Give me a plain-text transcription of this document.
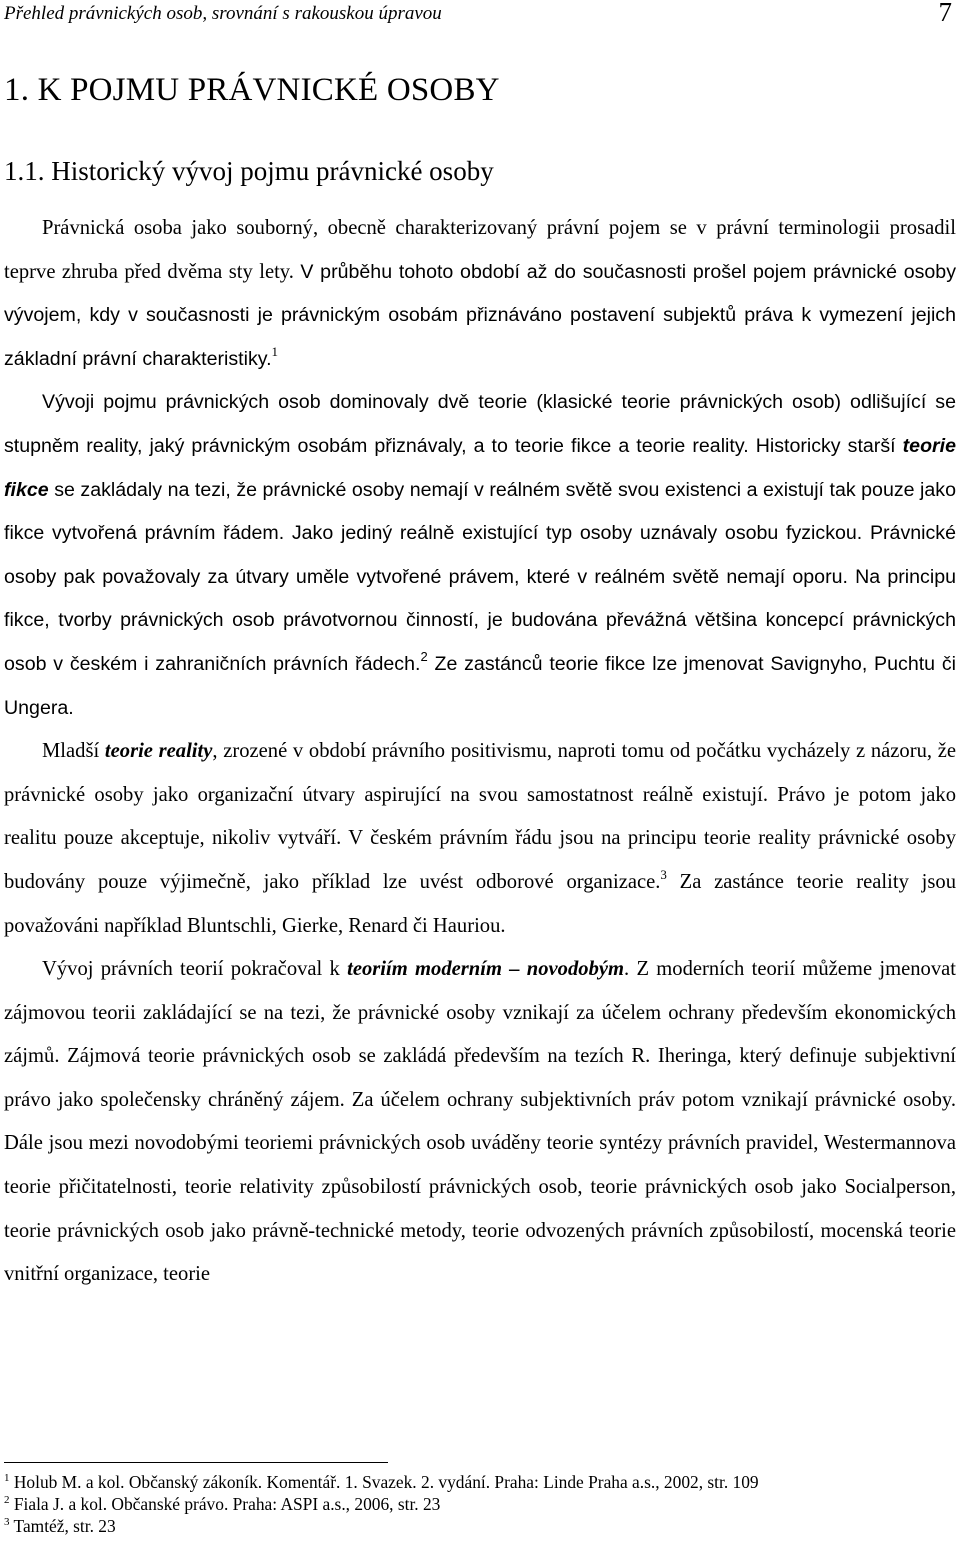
Přehled právnických osob, srovnání s rakouskou úpravou	7
1. K POJMU PRÁVNICKÉ OSOBY
1.1. Historický vývoj pojmu právnické osoby

Právnická osoba jako souborný, obecně charakterizovaný právní pojem se v právní terminologii prosadil teprve zhruba před dvěma sty lety. V průběhu tohoto období až do současnosti prošel pojem právnické osoby vývojem, kdy v současnosti je právnickým osobám přiznáváno postavení subjektů práva k vymezení jejich základní právní charakteristiky.$^1$

Vývoji pojmu právnických osob dominovaly dvě teorie (klasické teorie právnických osob) odlišující se stupněm reality, jaký právnickým osobám přiznávaly, a to teorie fikce a teorie reality. Historicky starší teorie fikce se zakládaly na tezi, že právnické osoby nemají v reálném světě svou existenci a existují tak pouze jako fikce vytvořená právním řádem. Jako jediný reálně existující typ osoby uznávaly osobu fyzickou. Právnické osoby pak považovaly za útvary uměle vytvořené právem, které v reálném světě nemají oporu. Na principu fikce, tvorby právnických osob právotvornou činností, je budována převážná většina koncepcí právnických osob v českém i zahraničních právních řádech.$^2$ Ze zastánců teorie fikce lze jmenovat Savignyho, Puchtu či Ungera.

Mladší teorie reality, zrozené v období právního positivismu, naproti tomu od počátku vycházely z názoru, že právnické osoby jako organizační útvary aspirující na svou samostatnost reálně existují. Právo je potom jako realitu pouze akceptuje, nikoliv vytváří. V českém právním řádu jsou na principu teorie reality právnické osoby budovány pouze výjimečně, jako příklad lze uvést odborové organizace.$^3$ Za zastánce teorie reality jsou považováni například Bluntschli, Gierke, Renard či Hauriou.

Vývoj právních teorií pokračoval k teoriím moderním – novodobým. Z moderních teorií můžeme jmenovat zájmovou teorii zakládající se na tezi, že právnické osoby vznikají za účelem ochrany především ekonomických zájmů. Zájmová teorie právnických osob se zakládá především na tezích R. Iheringa, který definuje subjektivní právo jako společensky chráněný zájem. Za účelem ochrany subjektivních práv potom vznikají právnické osoby. Dále jsou mezi novodobými teoriemi právnických osob uváděny teorie syntézy právních pravidel, Westermannova teorie přičitatelnosti, teorie relativity způsobilostí právnických osob, teorie právnických osob jako Socialperson, teorie právnických osob jako právně-technické metody, teorie odvozených právních způsobilostí, mocenská teorie vnitřní organizace, teorie

$^1$ Holub M. a kol. Občanský zákoník. Komentář. 1. Svazek. 2. vydání. Praha: Linde Praha a.s., 2002, str. 109
$^2$ Fiala J. a kol. Občanské právo. Praha: ASPI a.s., 2006, str. 23
$^3$ Tamtéž, str. 23
